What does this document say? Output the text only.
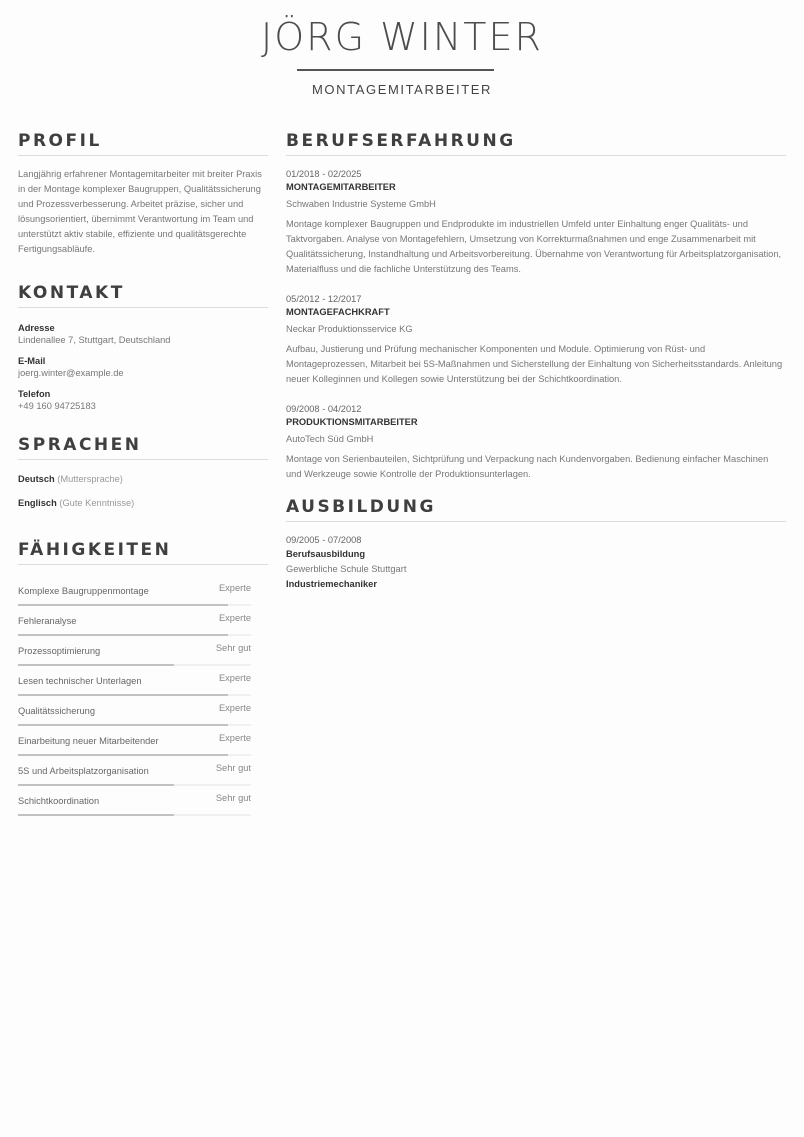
JÖRG WINTER
MONTAGEMITARBEITER
PROFIL

Langjährig erfahrener Montagemitarbeiter mit breiter Praxis in der Montage komplexer Baugruppen, Qualitätssicherung und Prozessverbesserung. Arbeitet präzise, sicher und lösungsorientiert, übernimmt Verantwortung im Team und unterstützt aktiv stabile, effiziente und qualitätsgerechte Fertigungsabläufe.

KONTAKT
Adresse
Lindenallee 7, Stuttgart, Deutschland
E-Mail
joerg.winter@example.de
Telefon
+49 160 94725183
SPRACHEN
Deutsch (Muttersprache)
Englisch (Gute Kenntnisse)
FÄHIGKEITEN
Komplexe Baugruppenmontage	Experte
Fehleranalyse	Experte
Prozessoptimierung	Sehr gut
Lesen technischer Unterlagen	Experte
Qualitätssicherung	Experte
Einarbeitung neuer Mitarbeitender	Experte
5S und Arbeitsplatzorganisation	Sehr gut
Schichtkoordination	Sehr gut
BERUFSERFAHRUNG
01/2018 - 02/2025
MONTAGEMITARBEITER
Schwaben Industrie Systeme GmbH
Montage komplexer Baugruppen und Endprodukte im industriellen Umfeld unter Einhaltung enger Qualitäts- und Taktvorgaben. Analyse von Montagefehlern, Umsetzung von Korrekturmaßnahmen und enge Zusammenarbeit mit Qualitätssicherung, Instandhaltung und Arbeitsvorbereitung. Übernahme von Verantwortung für Arbeitsplatzorganisation, Materialfluss und die fachliche Unterstützung des Teams.
05/2012 - 12/2017
MONTAGEFACHKRAFT
Neckar Produktionsservice KG
Aufbau, Justierung und Prüfung mechanischer Komponenten und Module. Optimierung von Rüst- und Montageprozessen, Mitarbeit bei 5S-Maßnahmen und Sicherstellung der Einhaltung von Sicherheitsstandards. Anleitung neuer Kolleginnen und Kollegen sowie Unterstützung bei der Schichtkoordination.
09/2008 - 04/2012
PRODUKTIONSMITARBEITER
AutoTech Süd GmbH
Montage von Serienbauteilen, Sichtprüfung und Verpackung nach Kundenvorgaben. Bedienung einfacher Maschinen und Werkzeuge sowie Kontrolle der Produktionsunterlagen.
AUSBILDUNG
09/2005 - 07/2008
Berufsausbildung
Gewerbliche Schule Stuttgart
Industriemechaniker
